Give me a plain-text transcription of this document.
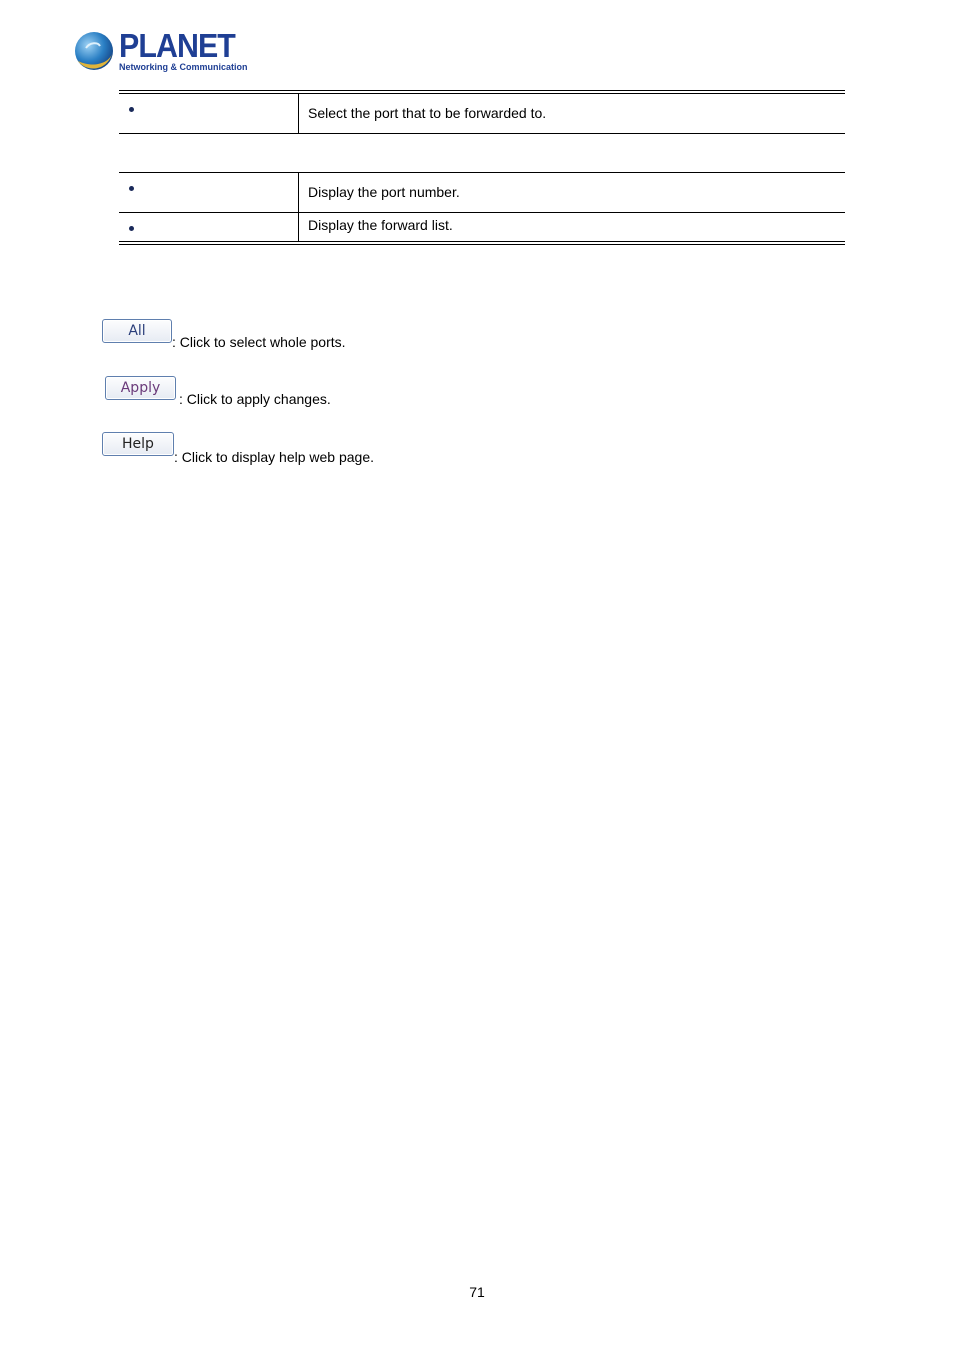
PLANET
Networking & Communication
Select the port that to be forwarded to.
Display the port number.
Display the forward list.
All
: Click to select whole ports.
Apply
: Click to apply changes.
Help
: Click to display help web page.
71
